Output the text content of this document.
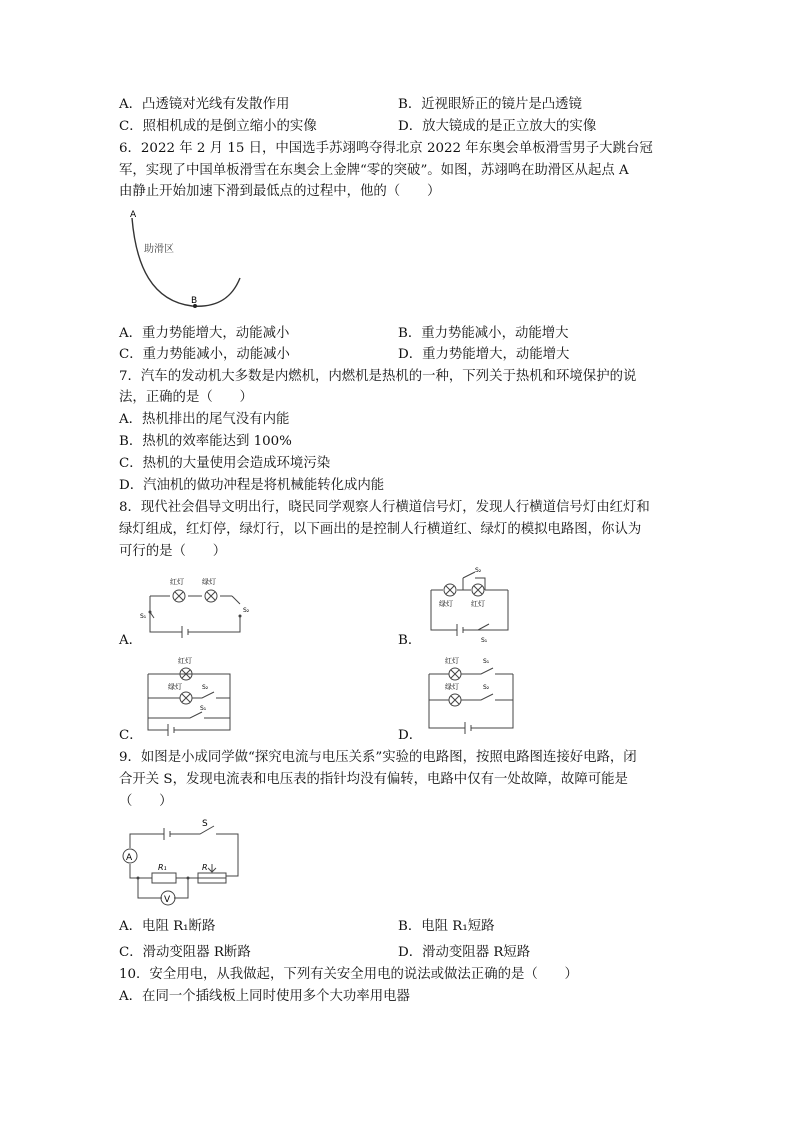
A．凸透镜对光线有发散作用	B．近视眼矫正的镜片是凸透镜
C．照相机成的是倒立缩小的实像	D．放大镜成的是正立放大的实像
6．2022 年 2 月 15 日，中国选手苏翊鸣夺得北京 2022 年东奥会单板滑雪男子大跳台冠
军，实现了中国单板滑雪在东奥会上金牌“零的突破”。如图，苏翊鸣在助滑区从起点 A
由静止开始加速下滑到最低点的过程中，他的（　　）
A
B
助滑区
A．重力势能增大，动能减小	B．重力势能减小，动能增大
C．重力势能减小，动能减小	D．重力势能增大，动能增大
7．汽车的发动机大多数是内燃机，内燃机是热机的一种，下列关于热机和环境保护的说
法，正确的是（　　）
A．热机排出的尾气没有内能
B．热机的效率能达到 100%
C．热机的大量使用会造成环境污染
D．汽油机的做功冲程是将机械能转化成内能
8．现代社会倡导文明出行，晓民同学观察人行横道信号灯，发现人行横道信号灯由红灯和
绿灯组成，红灯停，绿灯行，以下画出的是控制人行横道红、绿灯的模拟电路图，你认为
可行的是（　　）
红灯	绿灯
S₁
S₂
A．
S₂
绿灯	红灯
S₁
B．
红灯
绿灯	S₂
S₁
C．
红灯	S₁
绿灯	S₂
D．
9．如图是小成同学做“探究电流与电压关系”实验的电路图，按照电路图连接好电路，闭
合开关 S，发现电流表和电压表的指针均没有偏转，电路中仅有一处故障，故障可能是
（　　）
S
A
V
R₁	R
A．电阻 R₁断路	B．电阻 R₁短路
C．滑动变阻器 R断路	D．滑动变阻器 R短路
10．安全用电，从我做起，下列有关安全用电的说法或做法正确的是（　　）
A．在同一个插线板上同时使用多个大功率用电器
